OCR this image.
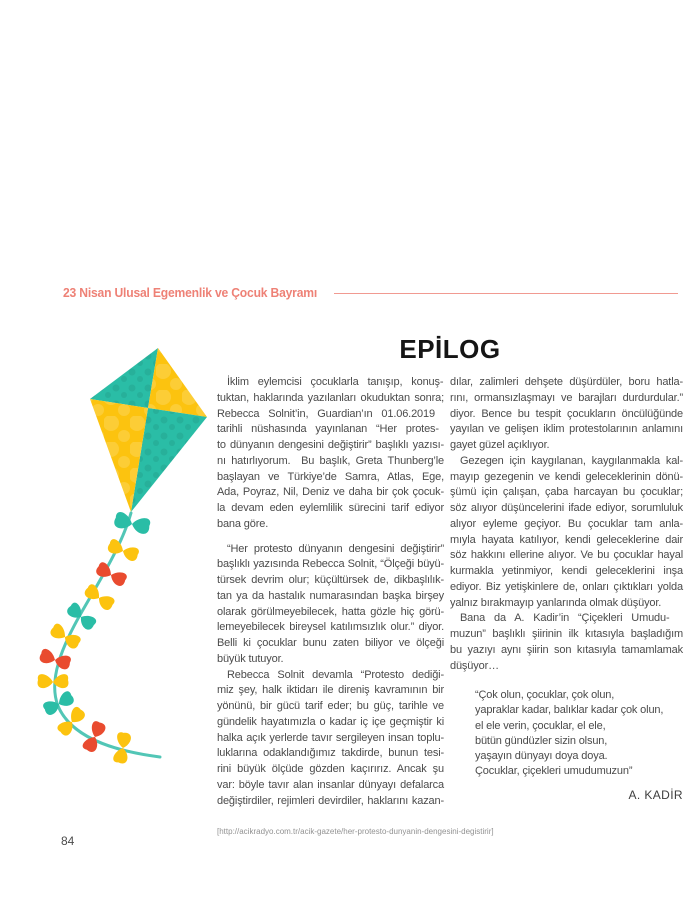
23 Nisan Ulusal Egemenlik ve Çocuk Bayramı
EPİLOG
İklim eylemcisi çocuklarla tanışıp, konuş-
tuktan, haklarında yazılanları okuduktan sonra;
Rebecca Solnit’in, Guardian’ın 01.06.2019
tarihli nüshasında yayınlanan “Her protes-
to dünyanın dengesini değiştirir” başlıklı yazısı-
nı hatırlıyorum.  Bu başlık, Greta Thunberg’le
başlayan ve Türkiye’de Samra, Atlas, Ege,
Ada, Poyraz, Nil, Deniz ve daha bir çok çocuk-
la devam eden eylemlilik sürecini tarif ediyor
bana göre.
“Her protesto dünyanın dengesini değiştirir”
başlıklı yazısında Rebecca Solnit, “Ölçeği büyü-
türsek devrim olur; küçültürsek de, dikbaşlılık-
tan ya da hastalık numarasından başka birşey
olarak görülmeyebilecek, hatta gözle hiç görü-
lemeyebilecek bireysel katılımsızlık olur.” diyor.
Belli ki çocuklar bunu zaten biliyor ve ölçeği
büyük tutuyor.
Rebecca Solnit devamla “Protesto dediği-
miz şey, halk iktidarı ile direniş kavramının bir
yönünü, bir gücü tarif eder; bu güç, tarihle ve
gündelik hayatımızla o kadar iç içe geçmiştir ki
halka açık yerlerde tavır sergileyen insan toplu-
luklarına odaklandığımız takdirde, bunun tesi-
rini büyük ölçüde gözden kaçırırız. Ancak şu
var: böyle tavır alan insanlar dünyayı defalarca
değiştirdiler, rejimleri devirdiler, haklarını kazan-
dılar, zalimleri dehşete düşürdüler, boru hatla-
rını, ormansızlaşmayı ve barajları durdurdular.”
diyor. Bence bu tespit çocukların öncülüğünde
yayılan ve gelişen iklim protestolarının anlamını
gayet güzel açıklıyor.
Gezegen için kaygılanan, kaygılanmakla kal-
mayıp gezegenin ve kendi geleceklerinin dönü-
şümü için çalışan, çaba harcayan bu çocuklar;
söz alıyor düşüncelerini ifade ediyor, sorumluluk
alıyor eyleme geçiyor. Bu çocuklar tam anla-
mıyla hayata katılıyor, kendi geleceklerine dair
söz hakkını ellerine alıyor. Ve bu çocuklar hayal
kurmakla yetinmiyor, kendi geleceklerini inşa
ediyor. Biz yetişkinlere de, onları çıktıkları yolda
yalnız bırakmayıp yanlarında olmak düşüyor.
Bana da A. Kadir’in “Çiçekleri Umudu-
muzun” başlıklı şiirinin ilk kıtasıyla başladığım
bu yazıyı aynı şiirin son kıtasıyla tamamlamak
düşüyor…
“Çok olun, çocuklar, çok olun,
yapraklar kadar, balıklar kadar çok olun,
el ele verin, çocuklar, el ele,
bütün gündüzler sizin olsun,
yaşayın dünyayı doya doya.
Çocuklar, çiçekleri umudumuzun”
A. KADİR
84
[http://acikradyo.com.tr/acik-gazete/her-protesto-dunyanin-dengesini-degistirir]
